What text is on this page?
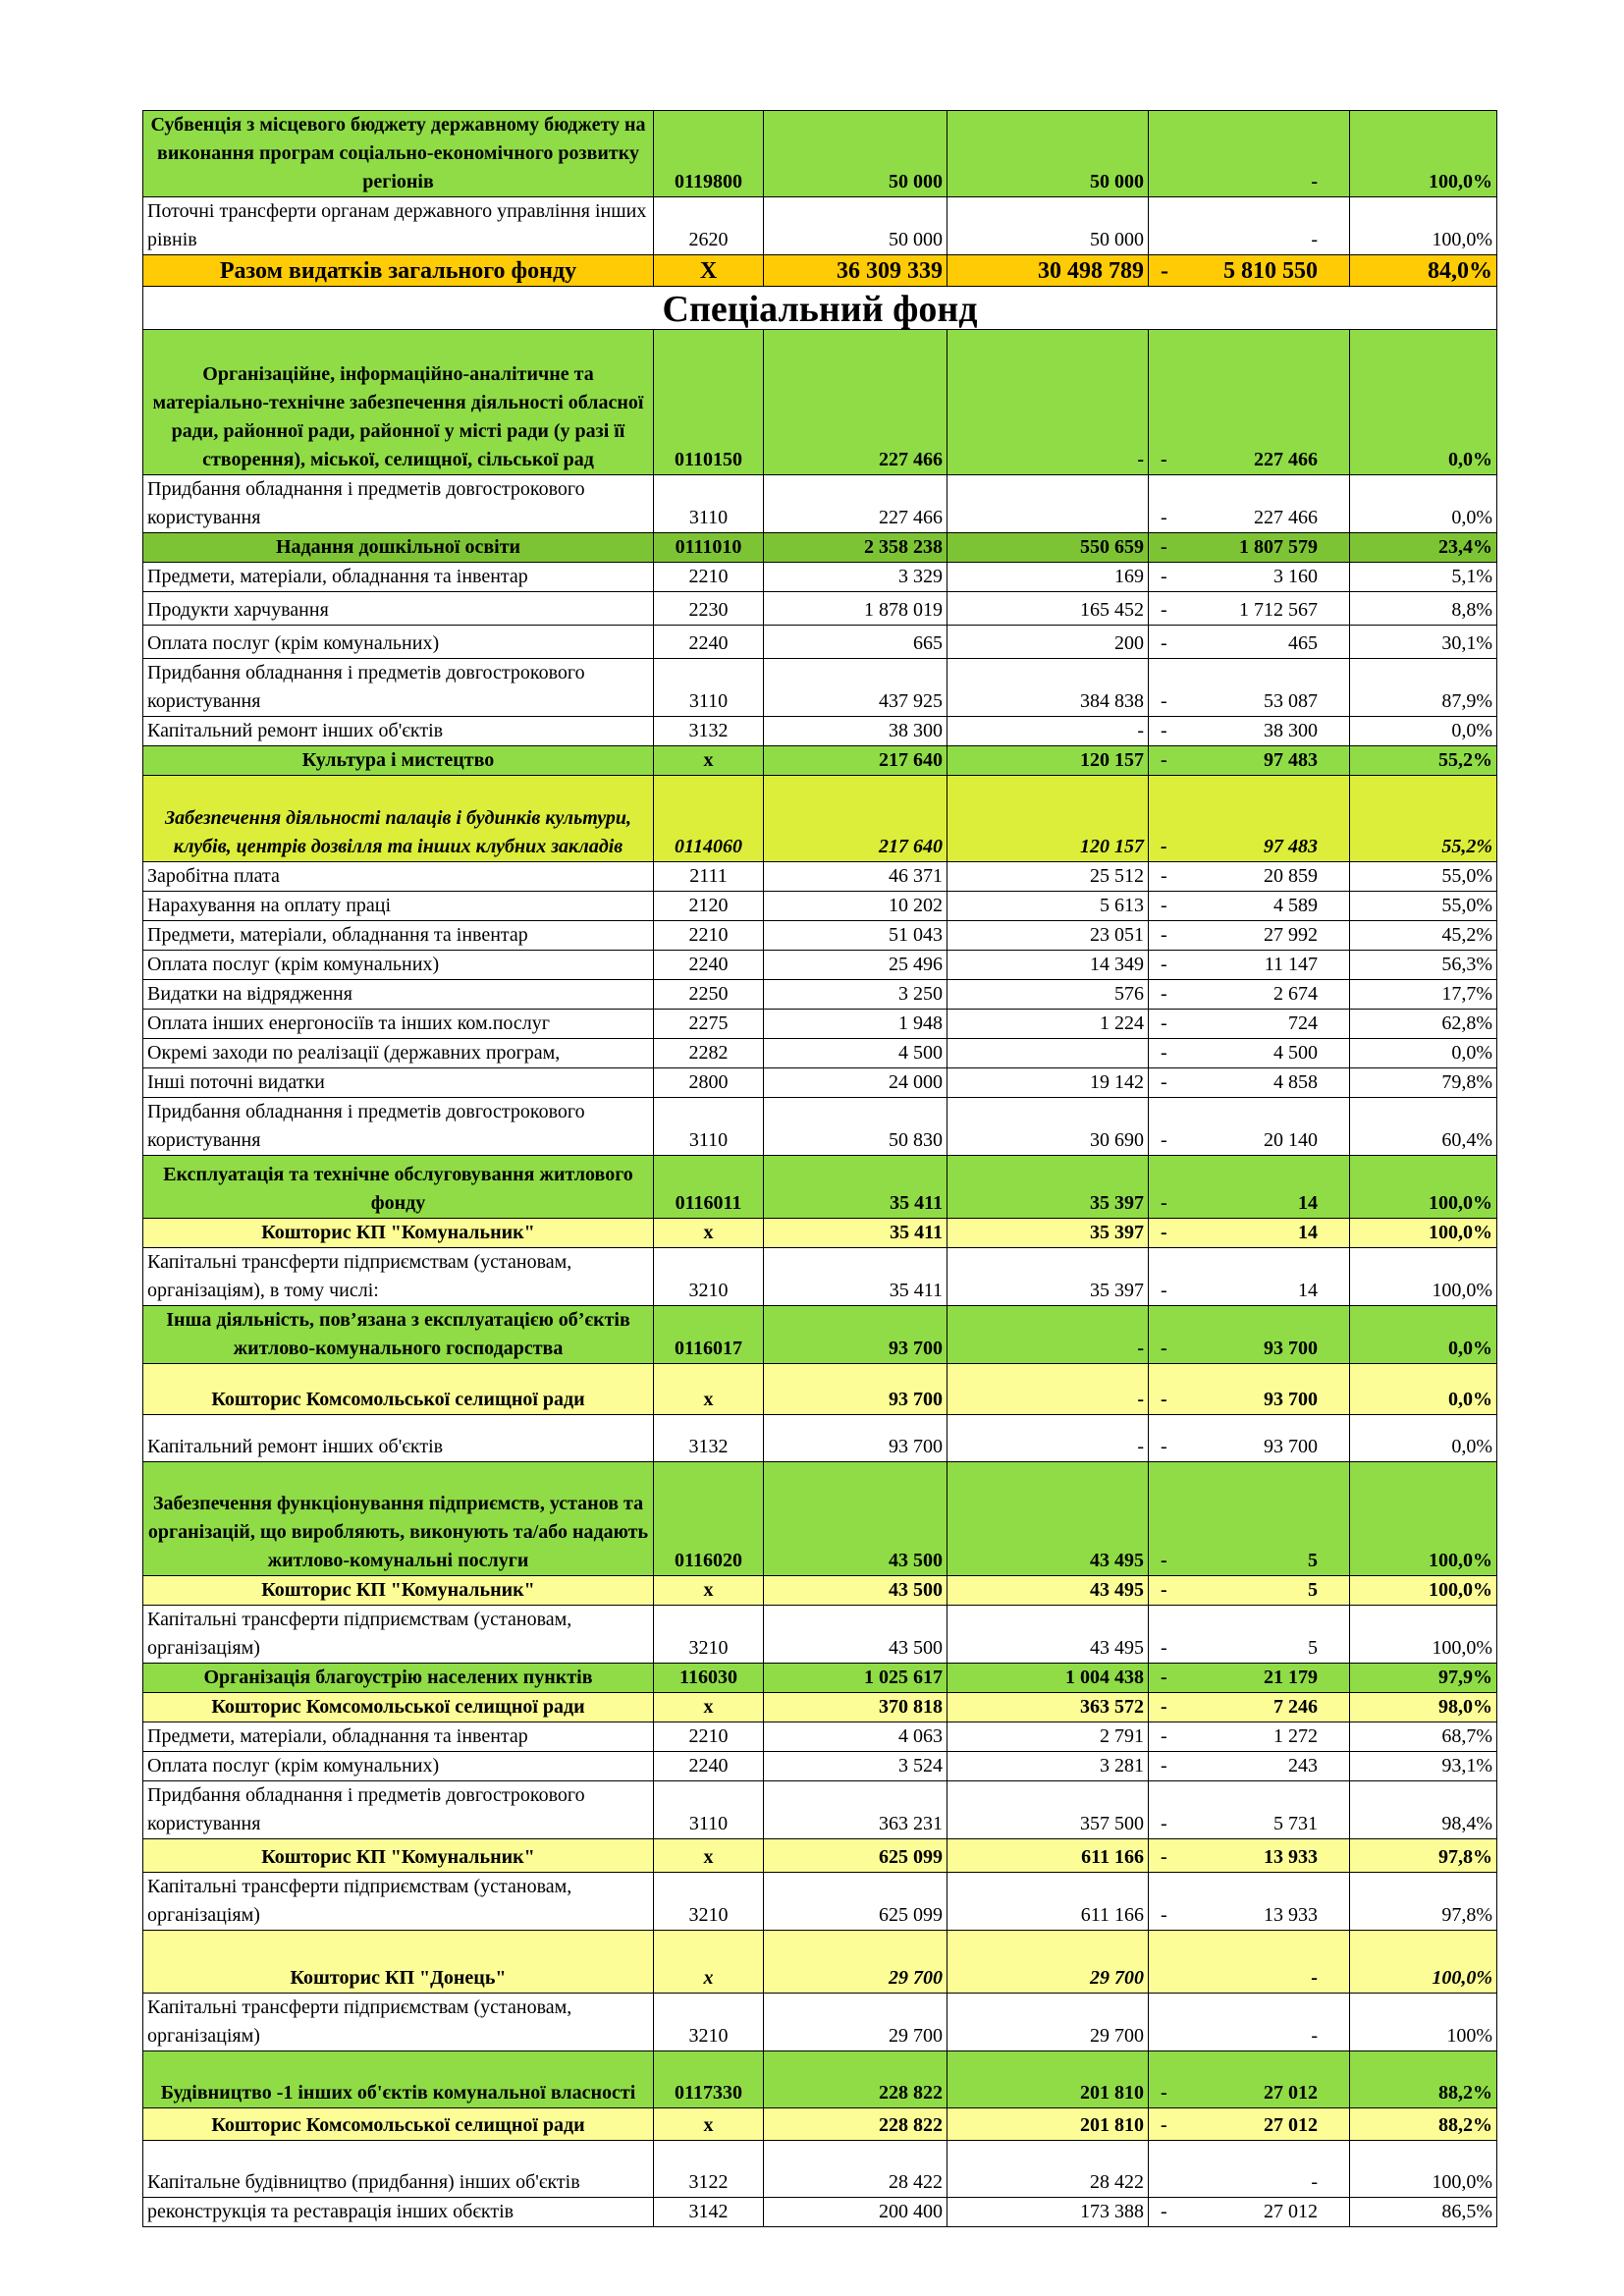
Субвенція з місцевого бюджету державному бюджету на виконання програм соціально-економічного розвитку регіонів	0119800	50 000	50 000	-	100,0%
Поточні трансферти органам державного управління інших рівнів	2620	50 000	50 000	-	100,0%
Разом видатків загального фонду	Х	36 309 339	30 498 789	- 5 810 550	84,0%
Спеціальний фонд					
Організаційне, інформаційно-аналітичне та матеріально-технічне забезпечення діяльності обласної ради, районної ради, районної у місті ради (у разі її створення), міської, селищної, сільської рад	0110150	227 466	-	- 227 466	0,0%
Придбання обладнання і предметів довгострокового користування	3110	227 466		- 227 466	0,0%
Надання дошкільної освіти	0111010	2 358 238	550 659	- 1 807 579	23,4%
Предмети, матеріали, обладнання та інвентар	2210	3 329	169	- 3 160	5,1%
Продукти харчування	2230	1 878 019	165 452	- 1 712 567	8,8%
Оплата послуг (крім комунальних)	2240	665	200	- 465	30,1%
Придбання обладнання і предметів довгострокового користування	3110	437 925	384 838	- 53 087	87,9%
Капітальний ремонт інших об'єктів	3132	38 300	-	- 38 300	0,0%
Культура і мистецтво	х	217 640	120 157	- 97 483	55,2%
Забезпечення діяльності палаців і будинків культури, клубів, центрів дозвілля та інших клубних закладів	0114060	217 640	120 157	- 97 483	55,2%
Заробітна плата	2111	46 371	25 512	- 20 859	55,0%
Нарахування на оплату праці	2120	10 202	5 613	- 4 589	55,0%
Предмети, матеріали, обладнання та інвентар	2210	51 043	23 051	- 27 992	45,2%
Оплата послуг (крім комунальних)	2240	25 496	14 349	- 11 147	56,3%
Видатки на відрядження	2250	3 250	576	- 2 674	17,7%
Оплата інших енергоносіїв та інших ком.послуг	2275	1 948	1 224	- 724	62,8%
Окремі заходи по реалізації (державних програм,	2282	4 500		- 4 500	0,0%
Інші поточні видатки	2800	24 000	19 142	- 4 858	79,8%
Придбання обладнання і предметів довгострокового користування	3110	50 830	30 690	- 20 140	60,4%
Експлуатація та технічне обслуговування житлового фонду	0116011	35 411	35 397	- 14	100,0%
Кошторис КП "Комунальник"	х	35 411	35 397	- 14	100,0%
Капітальні трансферти підприємствам (установам, організаціям), в тому числі:	3210	35 411	35 397	- 14	100,0%
Інша діяльність, пов’язана з експлуатацією об’єктів житлово-комунального господарства	0116017	93 700	-	- 93 700	0,0%
Кошторис Комсомольської селищної ради	х	93 700	-	- 93 700	0,0%
Капітальний ремонт інших об'єктів	3132	93 700	-	- 93 700	0,0%
Забезпечення функціонування підприємств, установ та організацій, що виробляють, виконують та/або надають житлово-комунальні послуги	0116020	43 500	43 495	- 5	100,0%
Кошторис КП "Комунальник"	х	43 500	43 495	- 5	100,0%
Капітальні трансферти підприємствам (установам, організаціям)	3210	43 500	43 495	- 5	100,0%
Організація благоустрію населених пунктів	116030	1 025 617	1 004 438	- 21 179	97,9%
Кошторис Комсомольської селищної ради	х	370 818	363 572	- 7 246	98,0%
Предмети, матеріали, обладнання та інвентар	2210	4 063	2 791	- 1 272	68,7%
Оплата послуг (крім комунальних)	2240	3 524	3 281	- 243	93,1%
Придбання обладнання і предметів довгострокового користування	3110	363 231	357 500	- 5 731	98,4%
Кошторис КП "Комунальник"	х	625 099	611 166	- 13 933	97,8%
Капітальні трансферти підприємствам (установам, організаціям)	3210	625 099	611 166	- 13 933	97,8%
Кошторис КП "Донець"	х	29 700	29 700	-	100,0%
Капітальні трансферти підприємствам (установам, організаціям)	3210	29 700	29 700	-	100%
Будівництво -1 інших об'єктів комунальної власності	0117330	228 822	201 810	- 27 012	88,2%
Кошторис Комсомольської селищної ради	х	228 822	201 810	- 27 012	88,2%
Капітальне будівництво (придбання) інших об'єктів	3122	28 422	28 422	-	100,0%
реконструкція та реставрація інших обєктів	3142	200 400	173 388	- 27 012	86,5%
